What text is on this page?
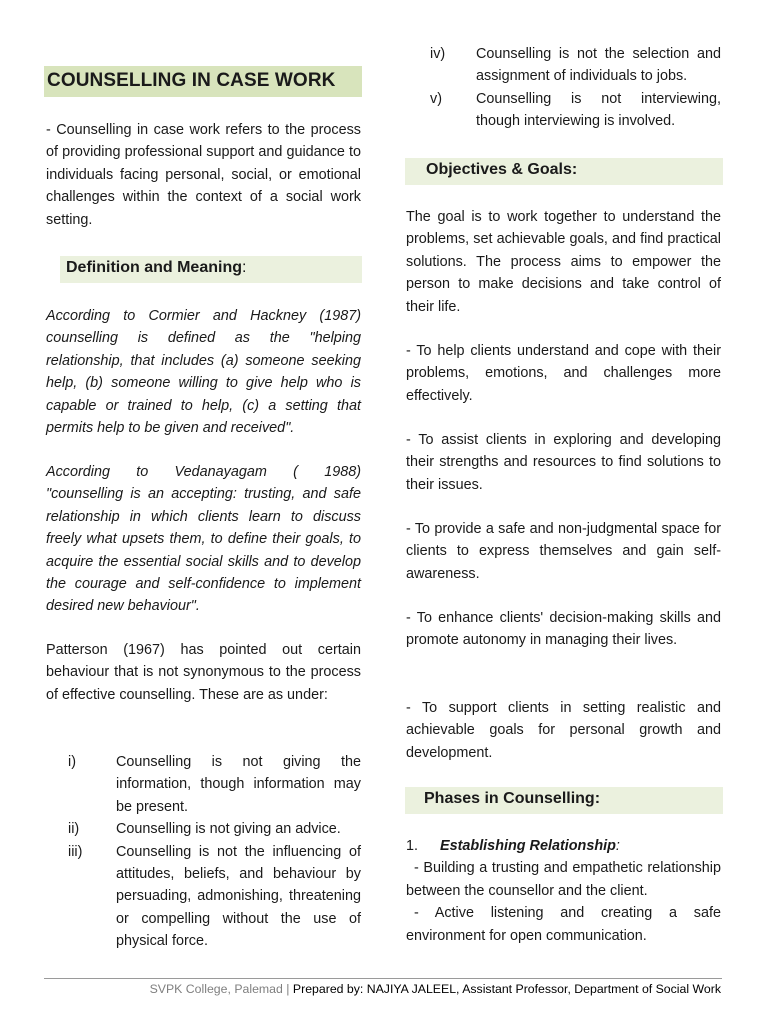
COUNSELLING IN CASE WORK

- Counselling in case work refers to the process of providing professional support and guidance to individuals facing personal, social, or emotional challenges within the context of a social work setting.

Definition and Meaning:

According to Cormier and Hackney (1987) counselling is defined as the "helping relationship, that includes (a) someone seeking help, (b) someone willing to give help who is capable or trained to help, (c) a setting that permits help to be given and received".

According to Vedanayagam ( 1988)

"counselling is an accepting: trusting, and safe relationship in which clients learn to discuss freely what upsets them, to define their goals, to acquire the essential social skills and to develop the courage and self-confidence to implement desired new behaviour".

Patterson (1967) has pointed out certain behaviour that is not synonymous to the process of effective counselling. These are as under:

i)	Counselling is not giving the information, though information may be present.
ii)	Counselling is not giving an advice.
iii) Counselling is not the influencing of attitudes, beliefs, and behaviour by persuading, admonishing, threatening or compelling without the use of physical force.
iv) Counselling is not the selection and assignment of individuals to jobs.
v) Counselling is not interviewing, though interviewing is involved.
Objectives & Goals:

The goal is to work together to understand the problems, set achievable goals, and find practical solutions. The process aims to empower the person to make decisions and take control of their life.

- To help clients understand and cope with their problems, emotions, and challenges more effectively.

- To assist clients in exploring and developing their strengths and resources to find solutions to their issues.

- To provide a safe and non-judgmental space for clients to express themselves and gain self-awareness.

- To enhance clients' decision-making skills and promote autonomy in managing their lives.

- To support clients in setting realistic and achievable goals for personal growth and development.

Phases in Counselling:
1. Establishing Relationship:

- Building a trusting and empathetic relationship between the counsellor and the client.

- Active listening and creating a safe environment for open communication.

SVPK College, Palemad | Prepared by: NAJIYA JALEEL, Assistant Professor, Department of Social Work
